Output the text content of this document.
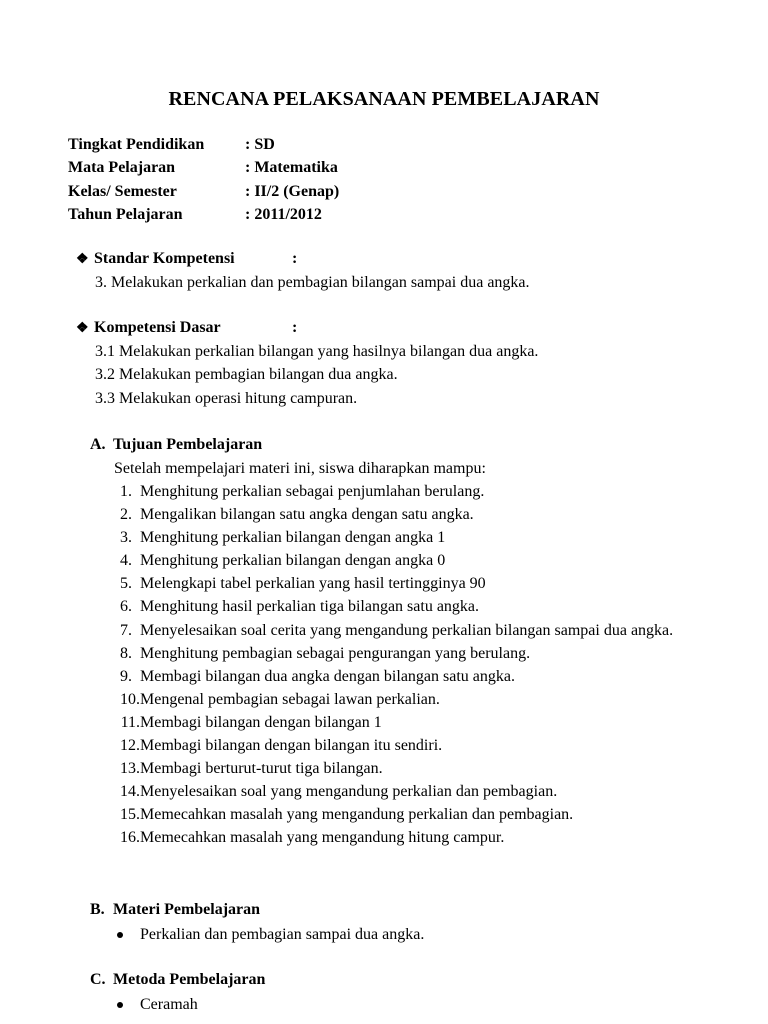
RENCANA PELAKSANAAN PEMBELAJARAN
Tingkat Pendidikan	: SD
Mata Pelajaran	: Matematika
Kelas/ Semester	: II/2 (Genap)
Tahun Pelajaran	: 2011/2012
❖ Standar Kompetensi	:
3. Melakukan perkalian dan pembagian bilangan sampai dua angka.
❖ Kompetensi Dasar	:
3.1 Melakukan perkalian bilangan yang hasilnya bilangan dua angka.
3.2 Melakukan pembagian bilangan dua angka.
3.3 Melakukan operasi hitung campuran.
A. Tujuan Pembelajaran
Setelah mempelajari materi ini, siswa diharapkan mampu:
1. Menghitung perkalian sebagai penjumlahan berulang.
2. Mengalikan bilangan satu angka dengan satu angka.
3. Menghitung perkalian bilangan dengan angka 1
4. Menghitung perkalian bilangan dengan angka 0
5. Melengkapi tabel perkalian yang hasil tertingginya 90
6. Menghitung hasil perkalian tiga bilangan satu angka.
7. Menyelesaikan soal cerita yang mengandung perkalian bilangan sampai dua angka.
8. Menghitung pembagian sebagai pengurangan yang berulang.
9. Membagi bilangan dua angka dengan bilangan satu angka.
10. Mengenal pembagian sebagai lawan perkalian.
11. Membagi bilangan dengan bilangan 1
12. Membagi bilangan dengan bilangan itu sendiri.
13. Membagi berturut-turut tiga bilangan.
14. Menyelesaikan soal yang mengandung perkalian dan pembagian.
15. Memecahkan masalah yang mengandung perkalian dan pembagian.
16. Memecahkan masalah yang mengandung hitung campur.
B. Materi Pembelajaran
Perkalian dan pembagian sampai dua angka.
C. Metoda Pembelajaran
Ceramah
